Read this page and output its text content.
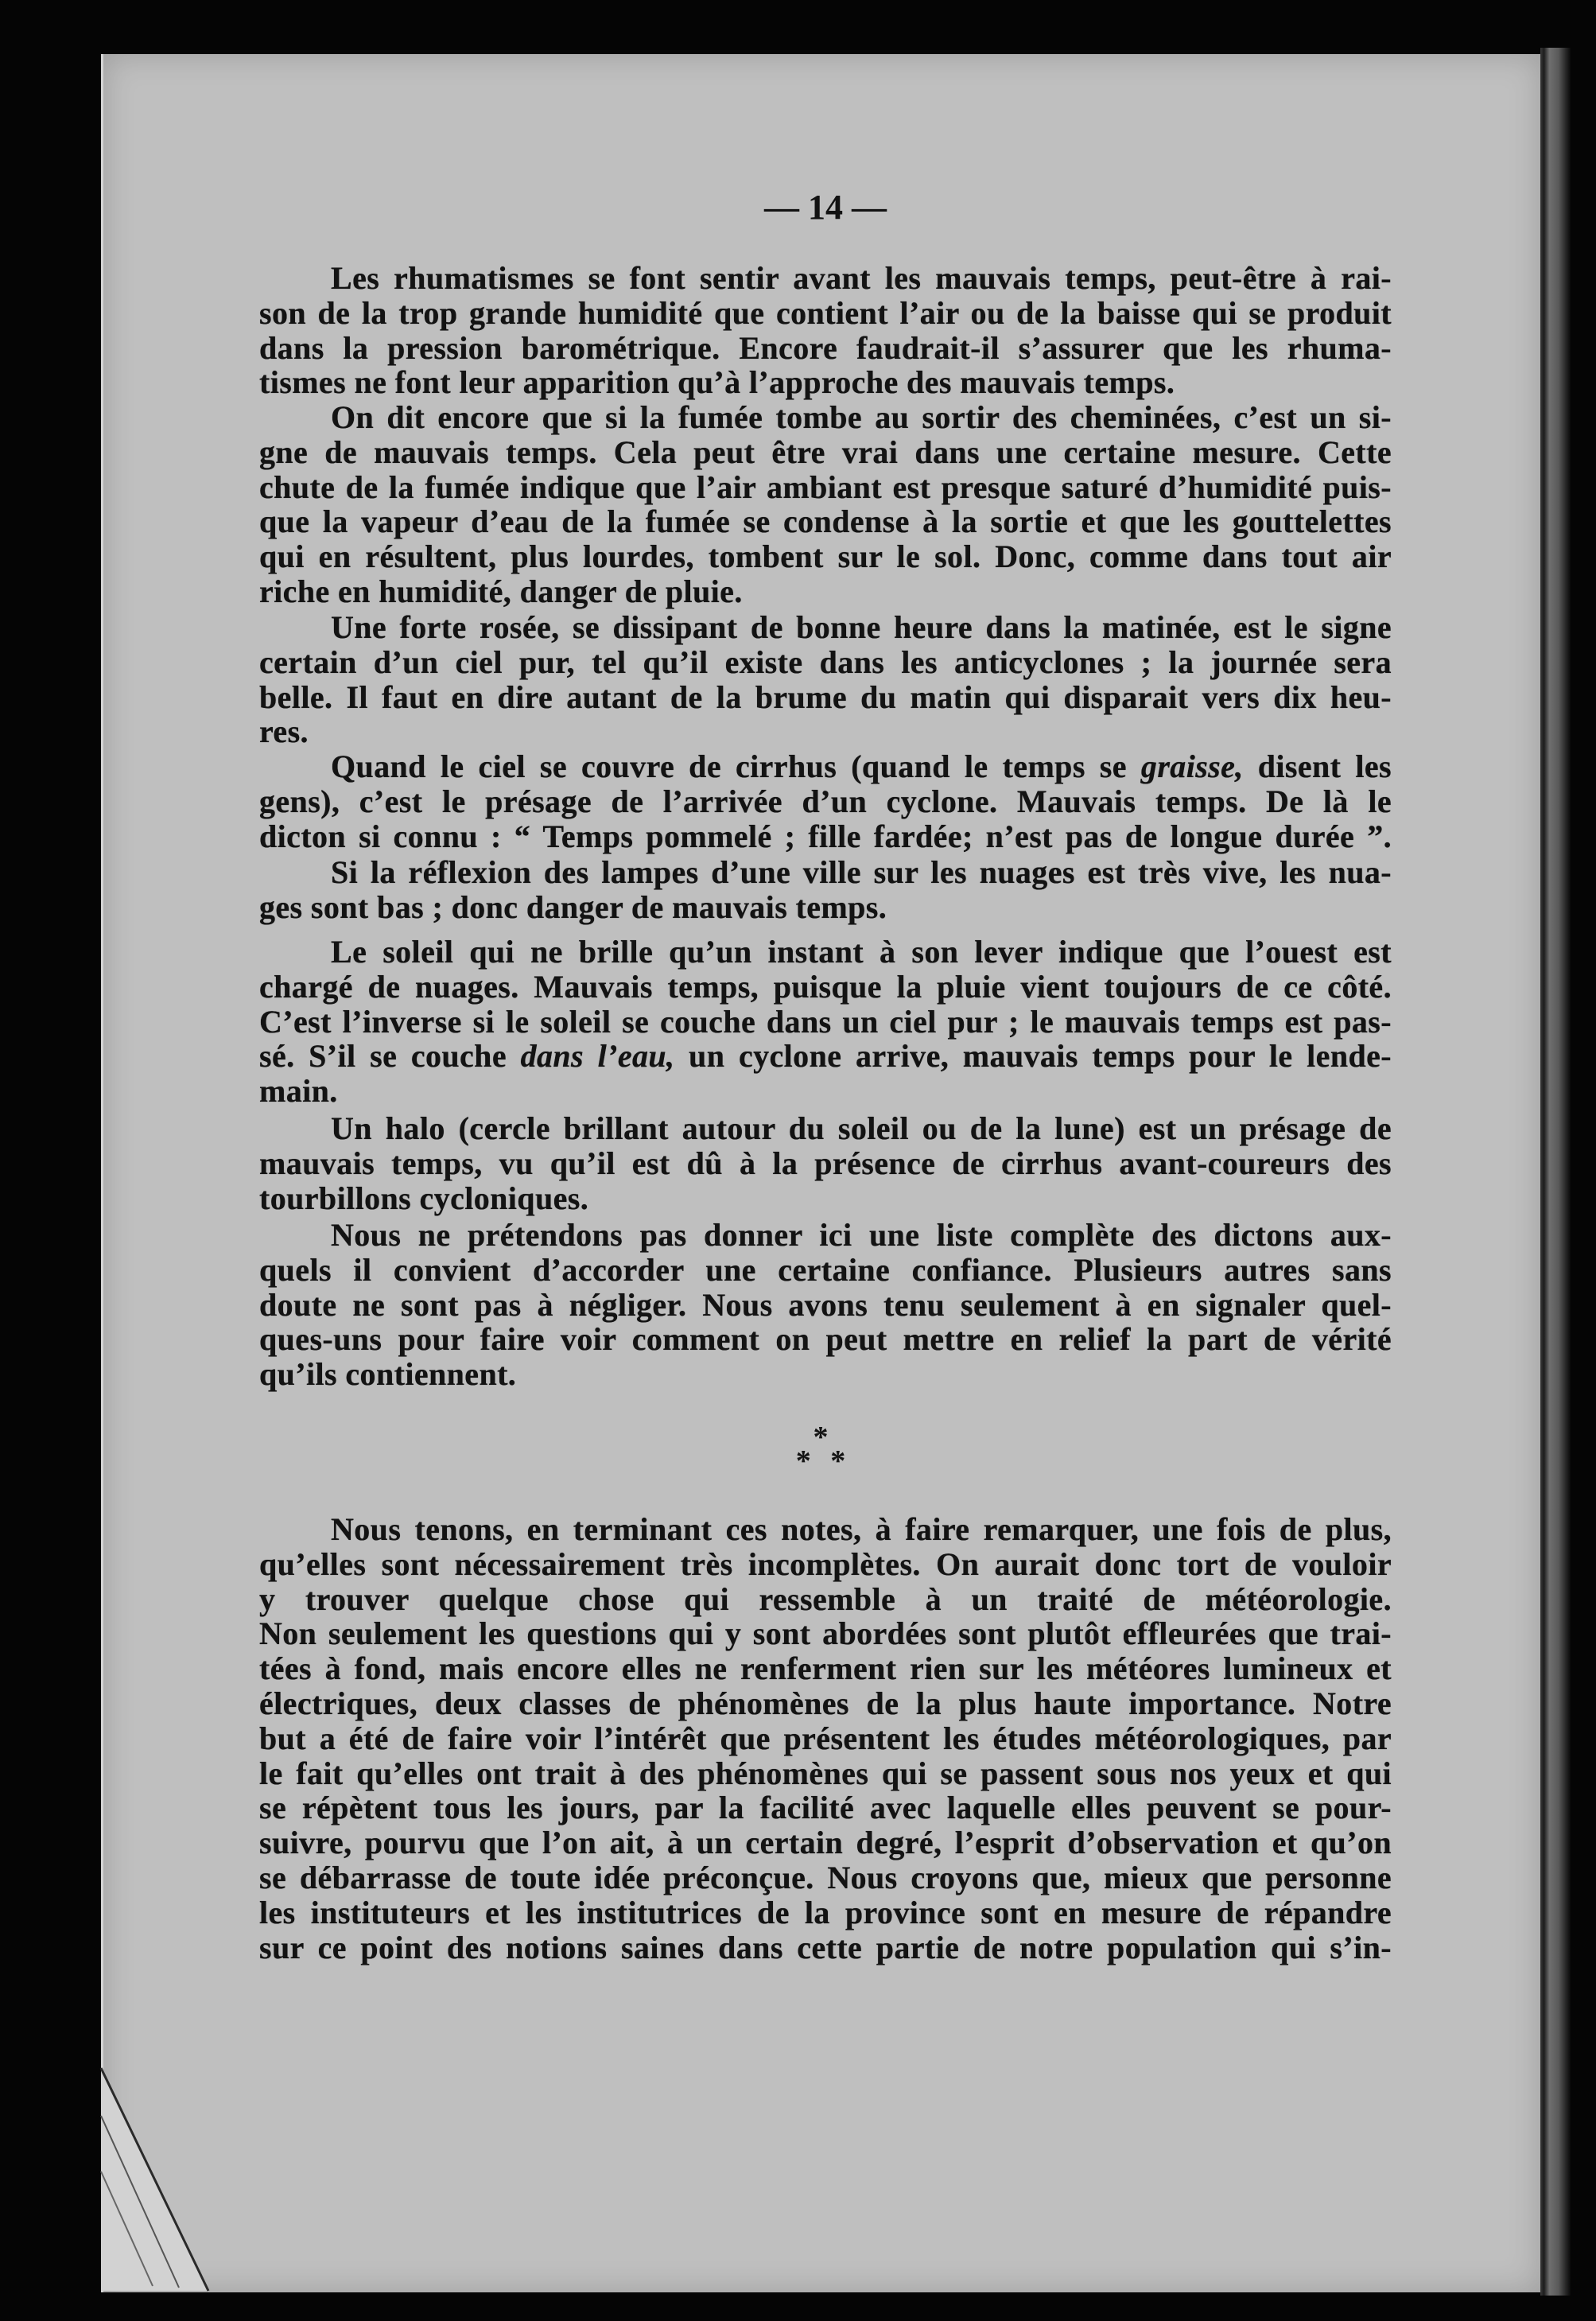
— 14 —
Les rhumatismes se font sentir avant les mauvais temps, peut-être à rai-
son de la trop grande humidité que contient l’air ou de la baisse qui se produit
dans la pression barométrique. Encore faudrait-il s’assurer que les rhuma-
tismes ne font leur apparition qu’à l’approche des mauvais temps.
On dit encore que si la fumée tombe au sortir des cheminées, c’est un si-
gne de mauvais temps. Cela peut être vrai dans une certaine mesure. Cette
chute de la fumée indique que l’air ambiant est presque saturé d’humidité puis-
que la vapeur d’eau de la fumée se condense à la sortie et que les gouttelettes
qui en résultent, plus lourdes, tombent sur le sol. Donc, comme dans tout air
riche en humidité, danger de pluie.
Une forte rosée, se dissipant de bonne heure dans la matinée, est le signe
certain d’un ciel pur, tel qu’il existe dans les anticyclones ; la journée sera
belle. Il faut en dire autant de la brume du matin qui disparait vers dix heu-
res.
Quand le ciel se couvre de cirrhus (quand le temps se graisse, disent les
gens), c’est le présage de l’arrivée d’un cyclone. Mauvais temps. De là le
dicton si connu : “ Temps pommelé ; fille fardée; n’est pas de longue durée ”.
Si la réflexion des lampes d’une ville sur les nuages est très vive, les nua-
ges sont bas ; donc danger de mauvais temps.
Le soleil qui ne brille qu’un instant à son lever indique que l’ouest est
chargé de nuages. Mauvais temps, puisque la pluie vient toujours de ce côté.
C’est l’inverse si le soleil se couche dans un ciel pur ; le mauvais temps est pas-
sé. S’il se couche dans l’eau, un cyclone arrive, mauvais temps pour le lende-
main.
Un halo (cercle brillant autour du soleil ou de la lune) est un présage de
mauvais temps, vu qu’il est dû à la présence de cirrhus avant-coureurs des
tourbillons cycloniques.
Nous ne prétendons pas donner ici une liste complète des dictons aux-
quels il convient d’accorder une certaine confiance. Plusieurs autres sans
doute ne sont pas à négliger. Nous avons tenu seulement à en signaler quel-
ques-uns pour faire voir comment on peut mettre en relief la part de vérité
qu’ils contiennent.
Nous tenons, en terminant ces notes, à faire remarquer, une fois de plus,
qu’elles sont nécessairement très incomplètes. On aurait donc tort de vouloir
y trouver quelque chose qui ressemble à un traité de météorologie.
Non seulement les questions qui y sont abordées sont plutôt effleurées que trai-
tées à fond, mais encore elles ne renferment rien sur les météores lumineux et
électriques, deux classes de phénomènes de la plus haute importance. Notre
but a été de faire voir l’intérêt que présentent les études météorologiques, par
le fait qu’elles ont trait à des phénomènes qui se passent sous nos yeux et qui
se répètent tous les jours, par la facilité avec laquelle elles peuvent se pour-
suivre, pourvu que l’on ait, à un certain degré, l’esprit d’observation et qu’on
se débarrasse de toute idée préconçue. Nous croyons que, mieux que personne
les instituteurs et les institutrices de la province sont en mesure de répandre
sur ce point des notions saines dans cette partie de notre population qui s’in-
*
* *
